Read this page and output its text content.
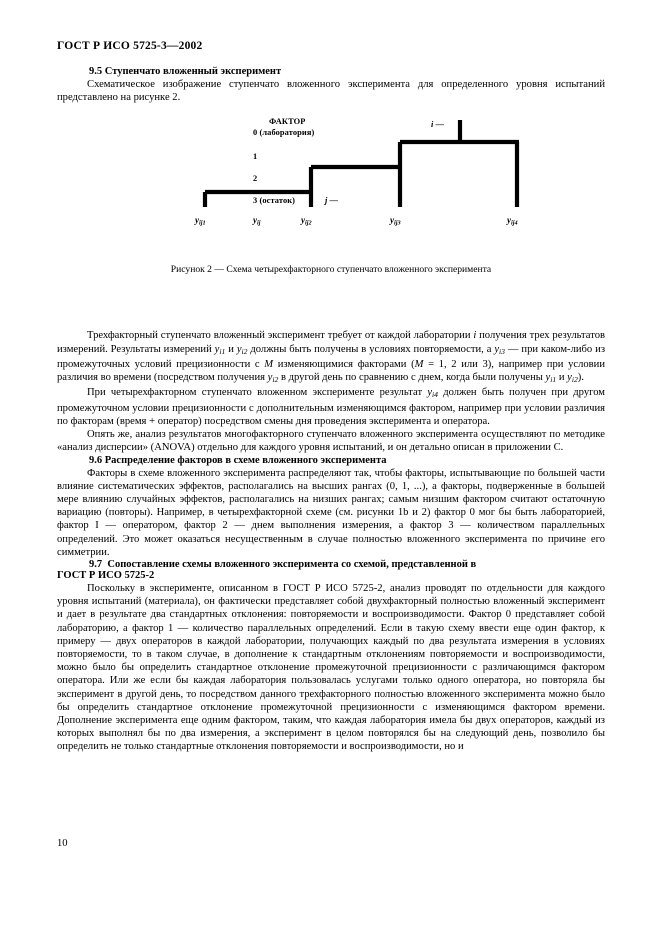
ГОСТ Р ИСО 5725-3—2002
9.5 Ступенчато вложенный эксперимент

Схематическое изображение ступенчато вложенного эксперимента для определенного уровня испытаний представлено на рисунке 2.

ФАКТОР
0 (лаборатория)
1
2
3 (остаток)	j —
i —
$y_{ij}$
$y_{ij1}$	$y_{ij2}$	$y_{ij3}$	$y_{ij4}$
Рисунок 2 — Схема четырехфакторного ступенчато вложенного эксперимента

Трехфакторный ступенчато вложенный эксперимент требует от каждой лаборатории i получения трех результатов измерений. Результаты измерений $y_{i1}$ и $y_{i2}$ должны быть получены в условиях повторяемости, а $y_{i3}$ — при каком-либо из промежуточных условий прецизионности с M изменяющимися факторами (M = 1, 2 или 3), например при условии различия во времени (посредством получения $y_{i2}$ в другой день по сравнению с днем, когда были получены $y_{i1}$ и $y_{i2}$).

При четырехфакторном ступенчато вложенном эксперименте результат $y_{i4}$ должен быть получен при другом промежуточном условии прецизионности с дополнительным изменяющимся фактором, например при условии различия по факторам (время + оператор) посредством смены дня проведения эксперимента и оператора.

Опять же, анализ результатов многофакторного ступенчато вложенного эксперимента осуществляют по методике «анализ дисперсии» (ANOVA) отдельно для каждого уровня испытаний, и он детально описан в приложении С.

9.6 Распределение факторов в схеме вложенного эксперимента

Факторы в схеме вложенного эксперимента распределяют так, чтобы факторы, испытывающие по большей части влияние систематических эффектов, располагались на высших рангах (0, 1, ...), а факторы, подверженные в большей мере влиянию случайных эффектов, располагались на низших рангах; самым низшим фактором считают остаточную вариацию (повторы). Например, в четырехфакторной схеме (см. рисунки 1b и 2) фактор 0 мог бы быть лабораторией, фактор I — оператором, фактор 2 — днем выполнения измерения, а фактор 3 — количеством параллельных определений. Это может оказаться несущественным в случае полностью вложенного эксперимента по причине его симметрии.

9.7 Сопоставление схемы вложенного эксперимента со схемой, представленной в
ГОСТ Р ИСО 5725-2

Поскольку в эксперименте, описанном в ГОСТ Р ИСО 5725-2, анализ проводят по отдельности для каждого уровня испытаний (материала), он фактически представляет собой двухфакторный полностью вложенный эксперимент и дает в результате два стандартных отклонения: повторяемости и воспроизводимости. Фактор 0 представляет собой лабораторию, а фактор 1 — количество параллельных определений. Если в такую схему ввести еще один фактор, к примеру — двух операторов в каждой лаборатории, получающих каждый по два результата измерения в условиях повторяемости, то в таком случае, в дополнение к стандартным отклонениям повторяемости и воспроизводимости, можно было бы определить стандартное отклонение промежуточной прецизионности с различающимся фактором оператора. Или же если бы каждая лаборатория пользовалась услугами только одного оператора, но повторяла бы эксперимент в другой день, то посредством данного трехфакторного полностью вложенного эксперимента можно было бы определить стандартное отклонение промежуточной прецизионности с изменяющимся фактором времени. Дополнение эксперимента еще одним фактором, таким, что каждая лаборатория имела бы двух операторов, каждый из которых выполнял бы по два измерения, а эксперимент в целом повторялся бы на следующий день, позволило бы определить не только стандартные отклонения повторяемости и воспроизводимости, но и

10
